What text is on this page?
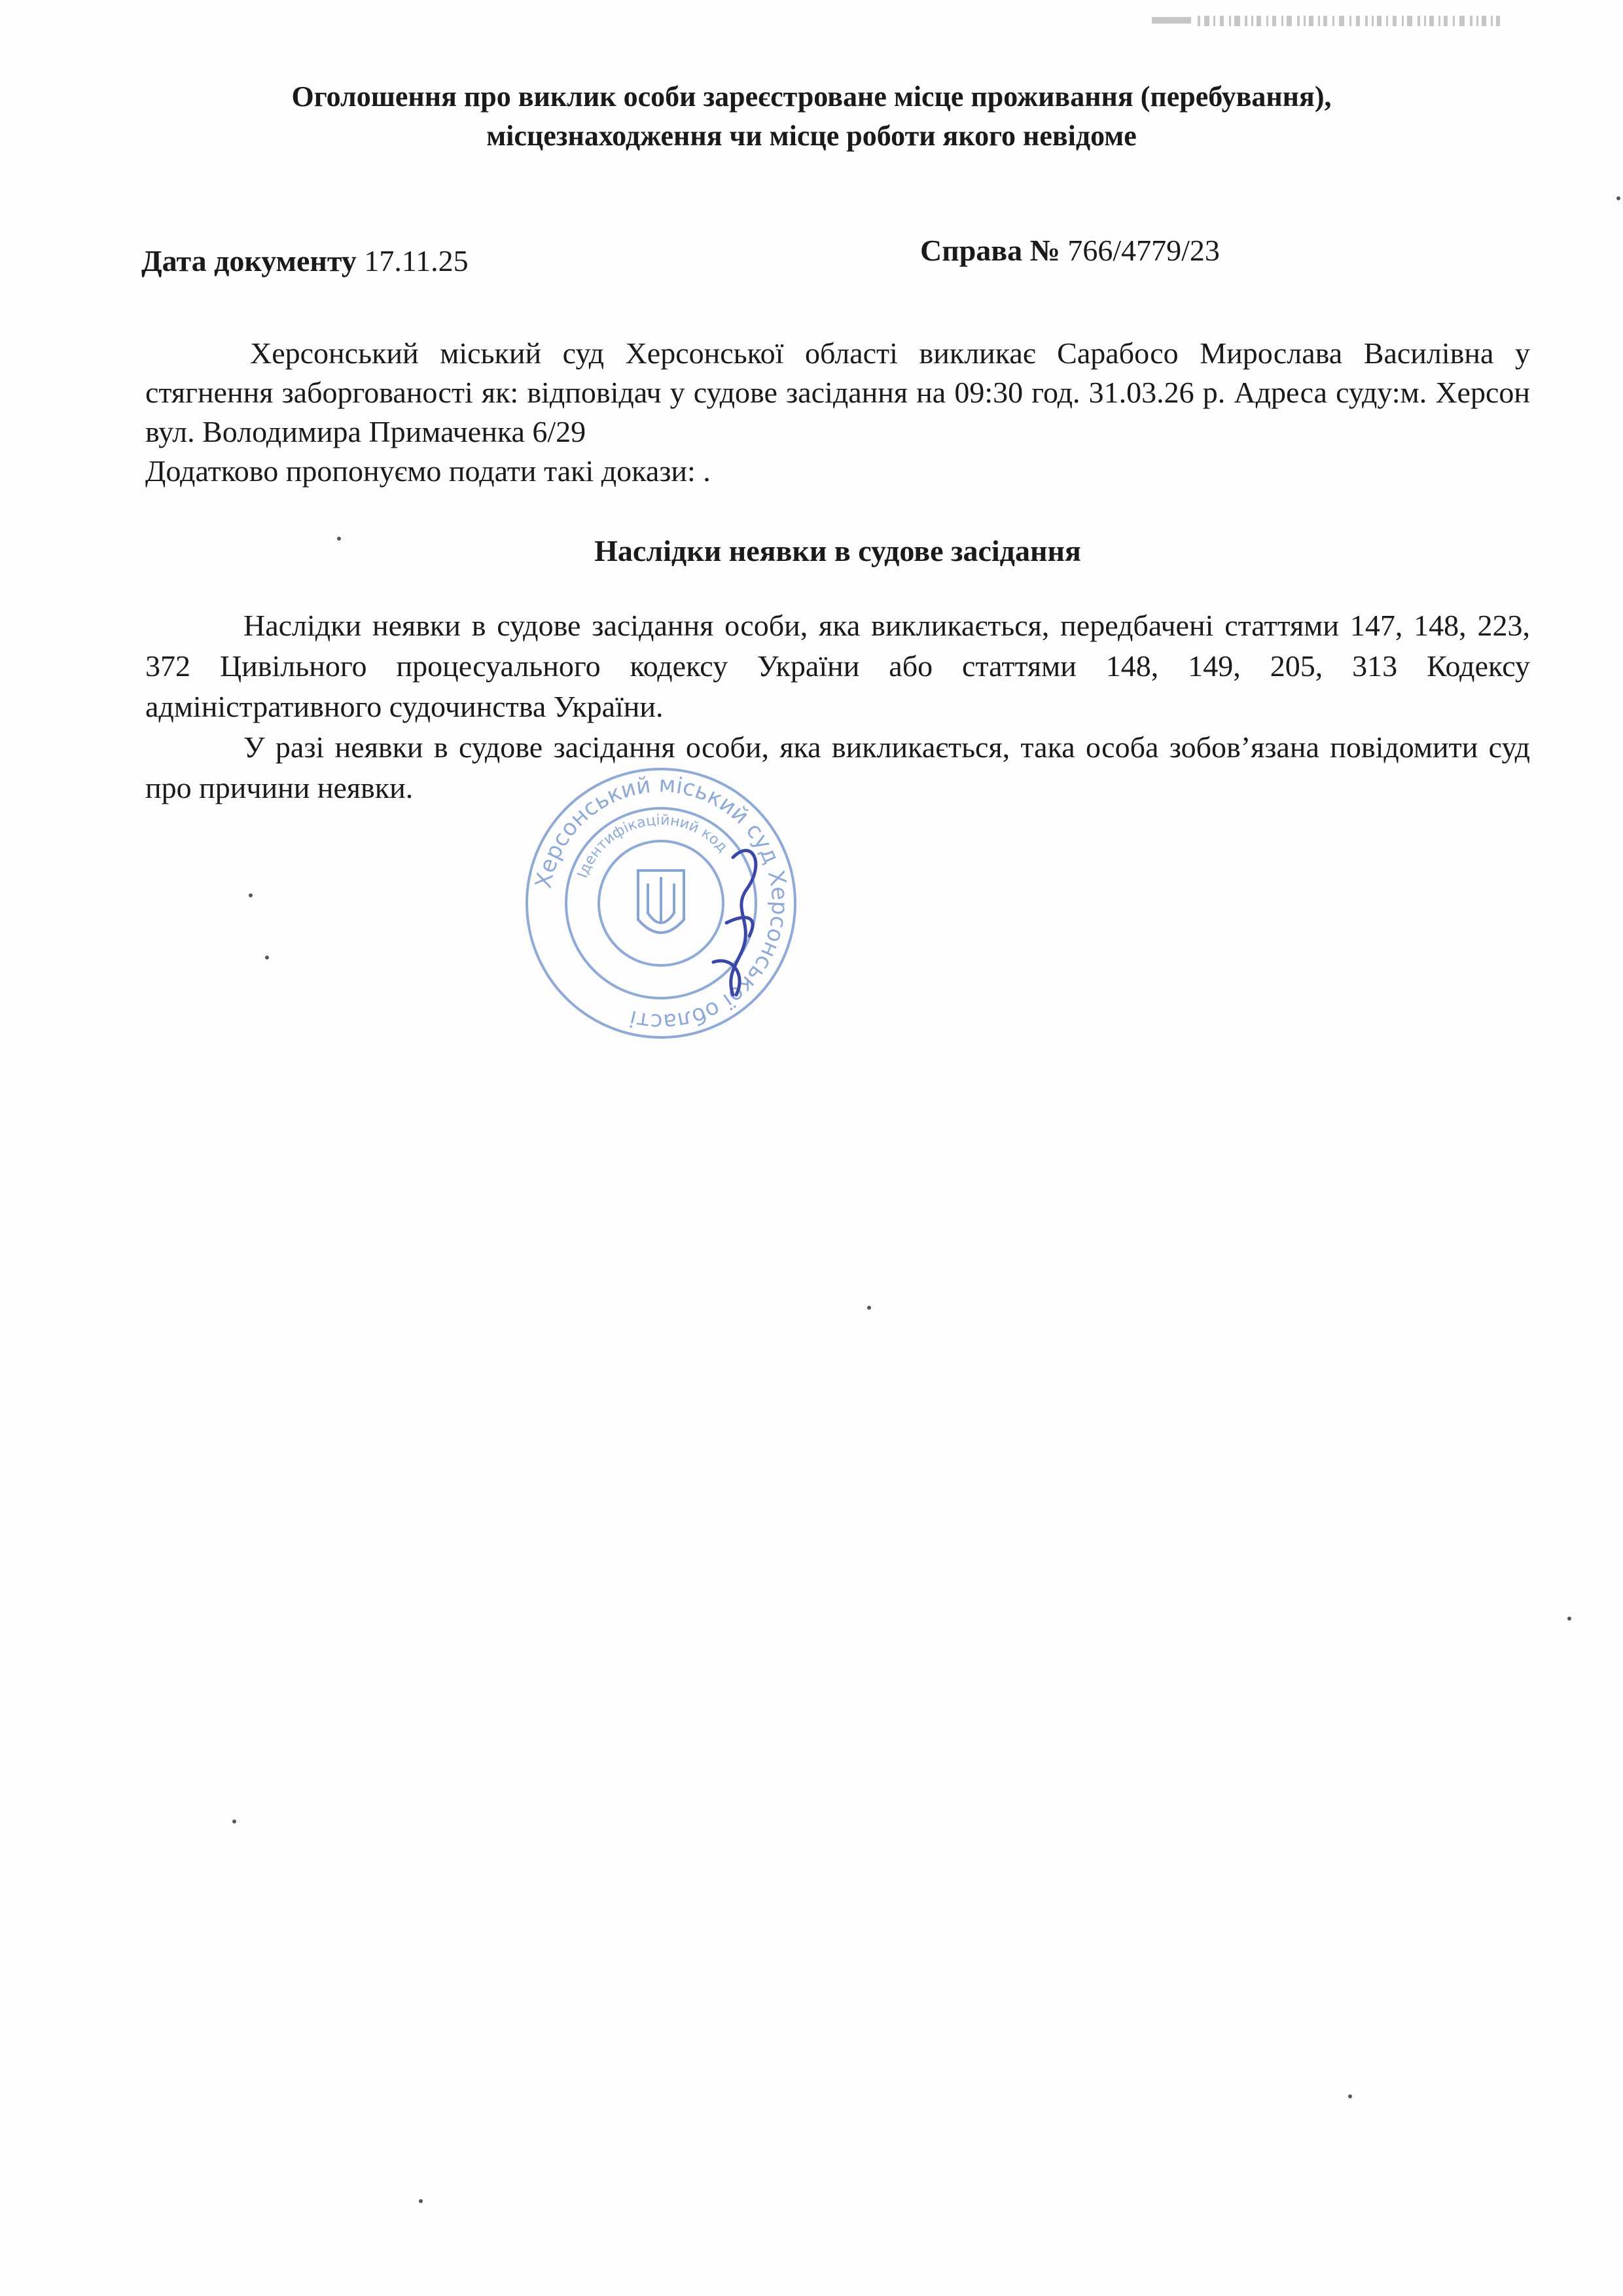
Оголошення про виклик особи зареєстроване місце проживання (перебування),
місцезнаходження чи місце роботи якого невідоме
Дата документу 17.11.25	Справа № 766/4779/23

Херсонський міський суд Херсонської області викликає Сарабосо Мирослава Василівна у стягнення заборгованості як: відповідач у судове засідання на 09:30 год. 31.03.26 р. Адреса суду:м. Херсон вул. Володимира Примаченка 6/29

Додатково пропонуємо подати такі докази: .

Наслідки неявки в судове засідання

Наслідки неявки в судове засідання особи, яка викликається, передбачені статтями 147, 148, 223, 372 Цивільного процесуального кодексу України або статтями 148, 149, 205, 313 Кодексу адміністративного судочинства України.

У разі неявки в судове засідання особи, яка викликається, така особа зобов’язана повідомити суд про причини неявки.

Херсонський міський суд Херсонської області
Ідентифікаційний код
